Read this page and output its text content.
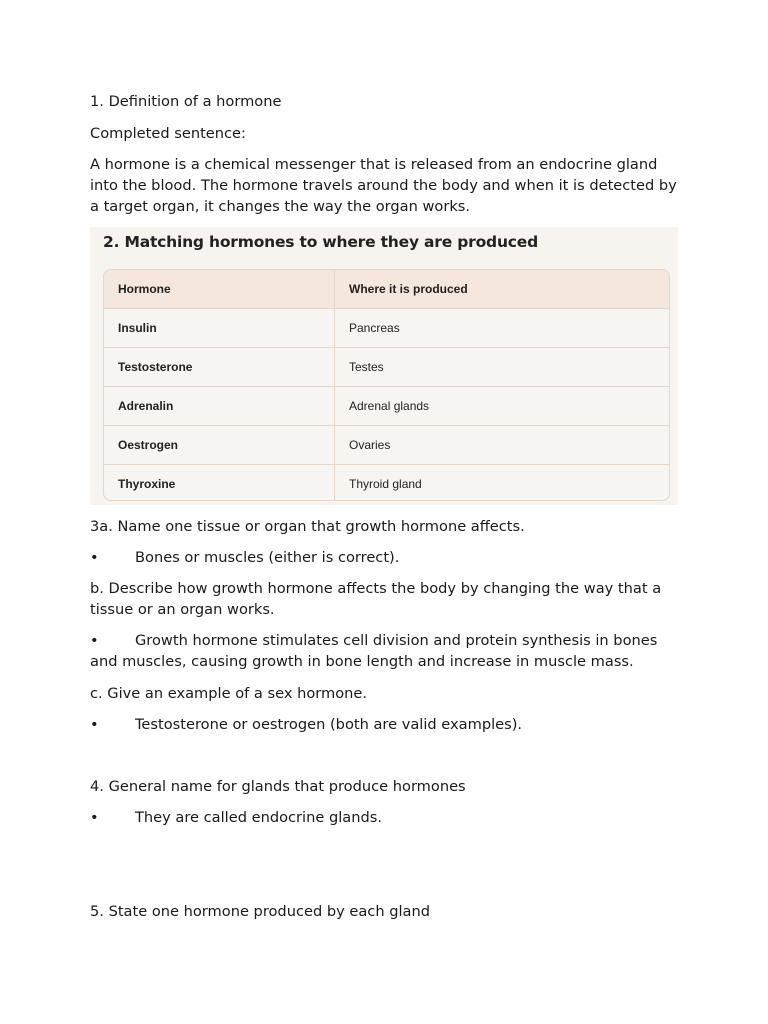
1. Definition of a hormone

Completed sentence:

A hormone is a chemical messenger that is released from an endocrine gland into the blood. The hormone travels around the body and when it is detected by a target organ, it changes the way the organ works.

2. Matching hormones to where they are produced
Hormone	Where it is produced
Insulin	Pancreas
Testosterone	Testes
Adrenalin	Adrenal glands
Oestrogen	Ovaries
Thyroxine	Thyroid gland

3a. Name one tissue or organ that growth hormone affects.

• Bones or muscles (either is correct).

b. Describe how growth hormone affects the body by changing the way that a tissue or an organ works.

• Growth hormone stimulates cell division and protein synthesis in bones and muscles, causing growth in bone length and increase in muscle mass.

c. Give an example of a sex hormone.

• Testosterone or oestrogen (both are valid examples).

4. General name for glands that produce hormones

• They are called endocrine glands.

5. State one hormone produced by each gland
